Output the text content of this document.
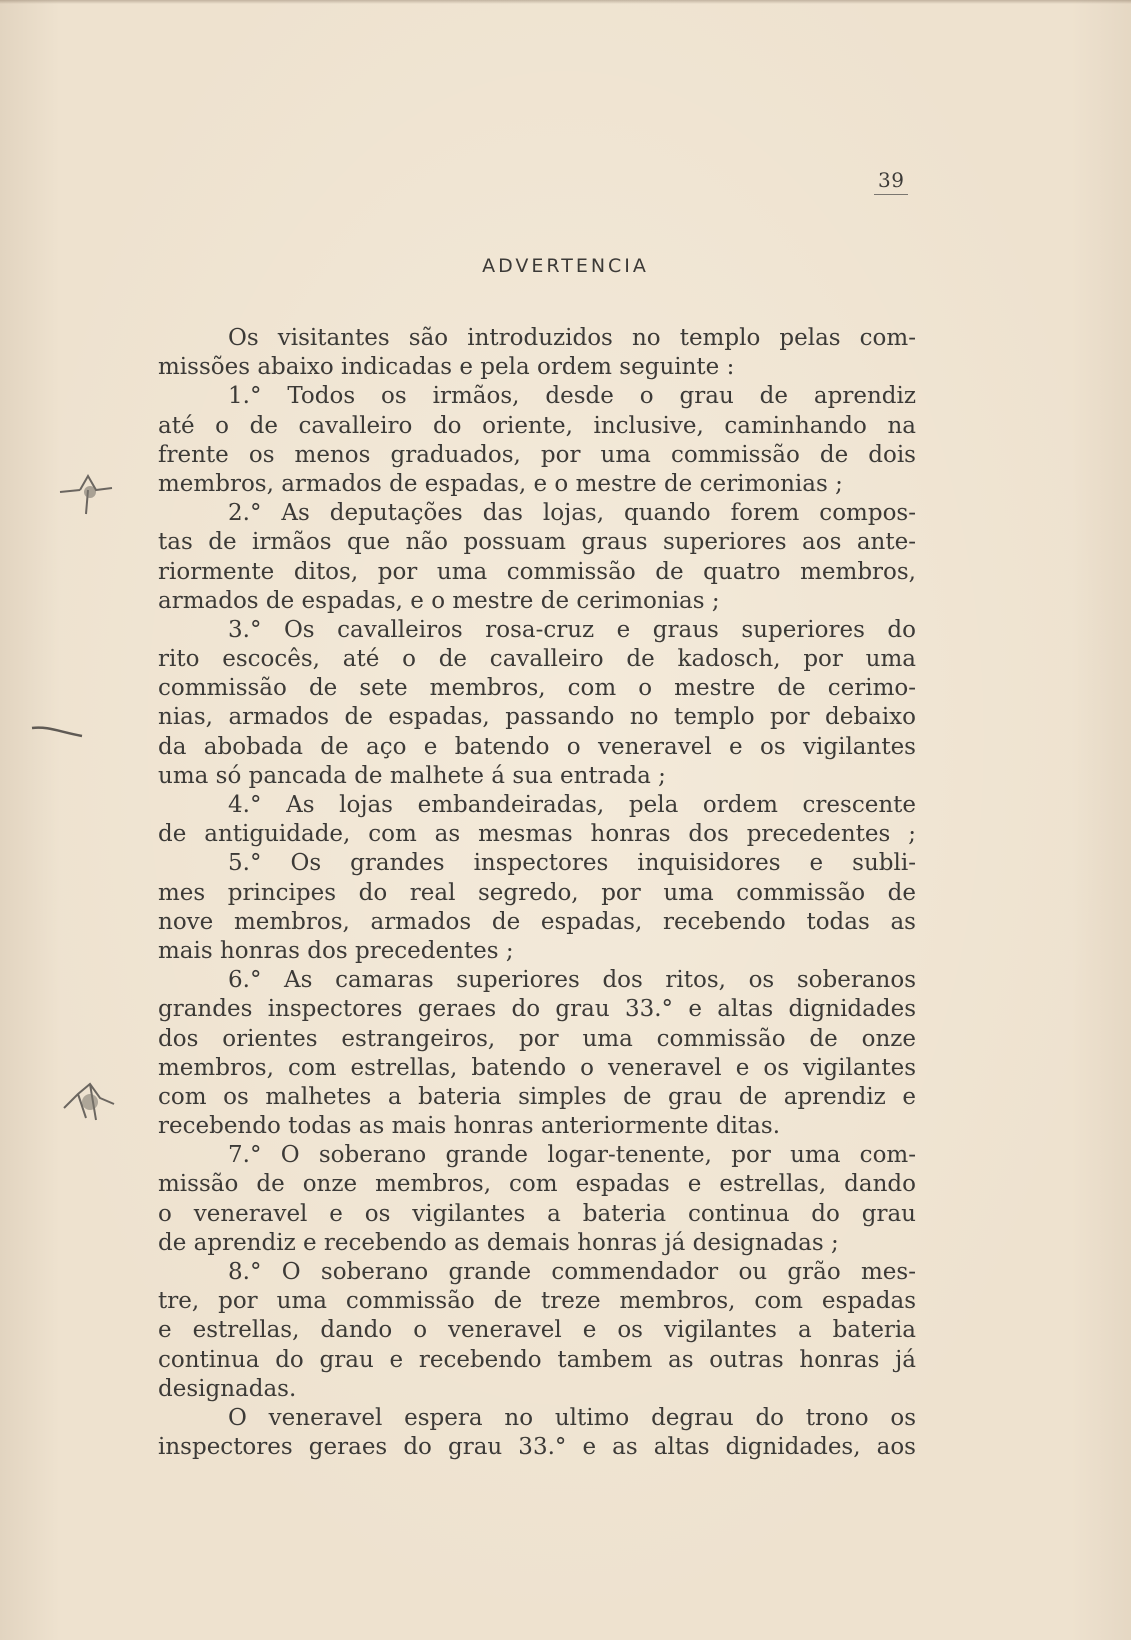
39
ADVERTENCIA
Os visitantes são introduzidos no templo pelas com-
missões abaixo indicadas e pela ordem seguinte :
1.° Todos os irmãos, desde o grau de aprendiz
até o de cavalleiro do oriente, inclusive, caminhando na
frente os menos graduados, por uma commissão de dois
membros, armados de espadas, e o mestre de cerimonias ;
2.° As deputações das lojas, quando forem compos-
tas de irmãos que não possuam graus superiores aos ante-
riormente ditos, por uma commissão de quatro membros,
armados de espadas, e o mestre de cerimonias ;
3.° Os cavalleiros rosa-cruz e graus superiores do
rito escocês, até o de cavalleiro de kadosch, por uma
commissão de sete membros, com o mestre de cerimo-
nias, armados de espadas, passando no templo por debaixo
da abobada de aço e batendo o veneravel e os vigilantes
uma só pancada de malhete á sua entrada ;
4.° As lojas embandeiradas, pela ordem crescente
de antiguidade, com as mesmas honras dos precedentes ;
5.° Os grandes inspectores inquisidores e subli-
mes principes do real segredo, por uma commissão de
nove membros, armados de espadas, recebendo todas as
mais honras dos precedentes ;
6.° As camaras superiores dos ritos, os soberanos
grandes inspectores geraes do grau 33.° e altas dignidades
dos orientes estrangeiros, por uma commissão de onze
membros, com estrellas, batendo o veneravel e os vigilantes
com os malhetes a bateria simples de grau de aprendiz e
recebendo todas as mais honras anteriormente ditas.
7.° O soberano grande logar-tenente, por uma com-
missão de onze membros, com espadas e estrellas, dando
o veneravel e os vigilantes a bateria continua do grau
de aprendiz e recebendo as demais honras já designadas ;
8.° O soberano grande commendador ou grão mes-
tre, por uma commissão de treze membros, com espadas
e estrellas, dando o veneravel e os vigilantes a bateria
continua do grau e recebendo tambem as outras honras já
designadas.
O veneravel espera no ultimo degrau do trono os
inspectores geraes do grau 33.° e as altas dignidades, aos
